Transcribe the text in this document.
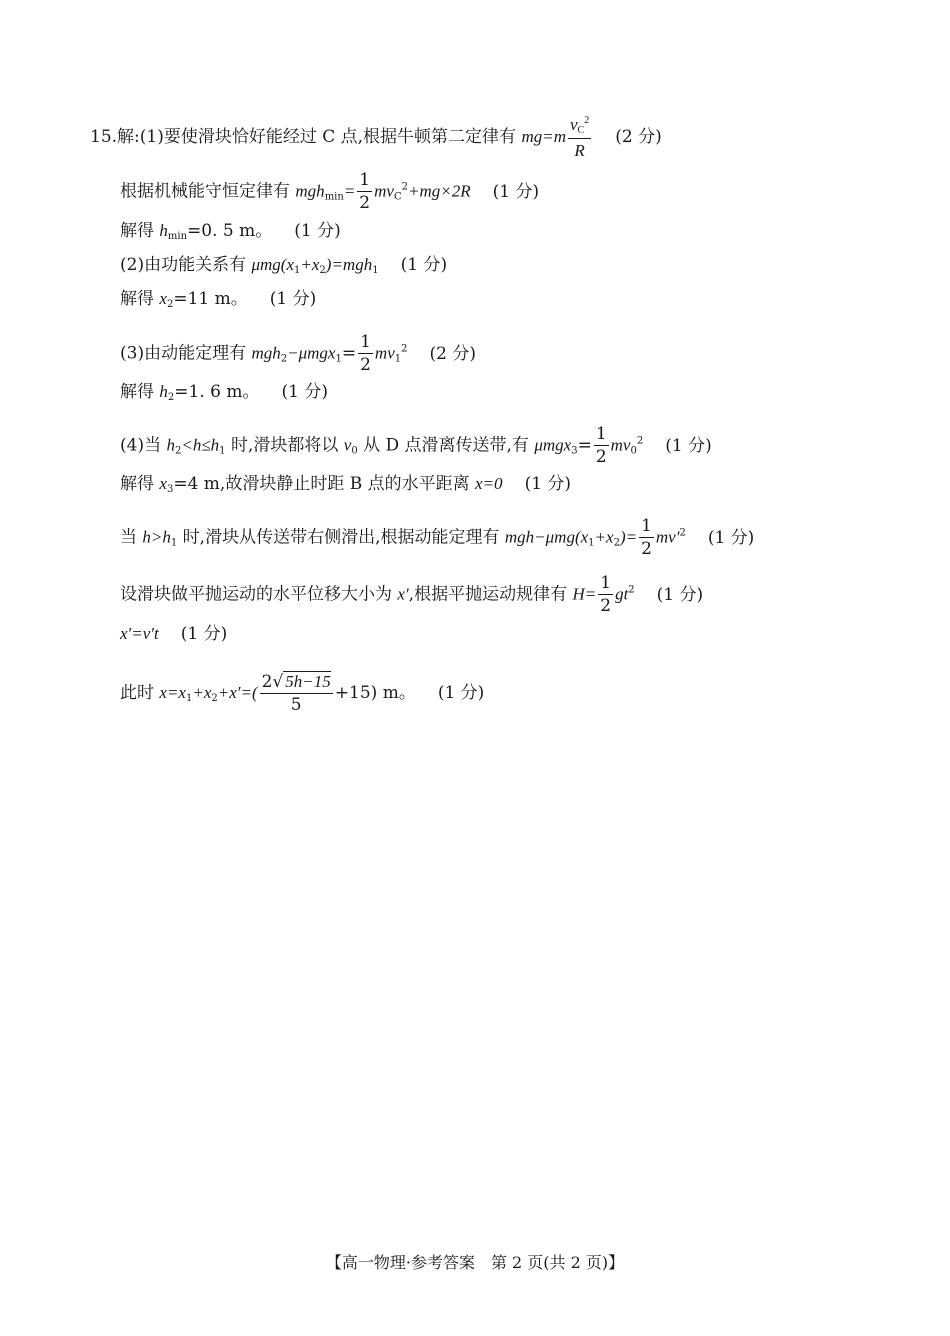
15.解:(1)要使滑块恰好能经过 C 点,根据牛顿第二定律有 $mg=m \frac{v_C^2}{R} (2$ 分)
根据机械能守恒定律有 $mgh_{min}= \frac{1}{2} mv_C^2+mg\times 2R$ (1 分)
解得 $h_{min}=0$. 5 m。 (1 分)
(2)由功能关系有 $\mu mg(x_1+x_2)=mgh_1$ (1 分)
解得 $x_2=11$ m。 (1 分)
(3)由动能定理有 $mgh_2-\mu mgx_1= \frac{1}{2} mv_1^2$ (2 分)
解得 $h_2=1$. 6 m。 (1 分)
(4)当 $h_2<h\le h_1$ 时,滑块都将以 $v_0$ 从 D 点滑离传送带,有 $\mu mgx_3= \frac{1}{2} mv_0^2$ (1 分)
解得 $x_3=4$ m,故滑块静止时距 B 点的水平距离 x=0 (1 分)
当 $h>h_1$ 时,滑块从传送带右侧滑出,根据动能定理有 $mgh-\mu mg(x_1+x_2)= \frac{1}{2} mv'^2$ (1 分)
设滑块做平抛运动的水平位移大小为 x′,根据平抛运动规律有 $H= \frac{1}{2} gt^2$ (1 分)
x′=v′t (1 分)
此时 $x=x_1+x_2+x'=( \frac{2√ 5h-15}{5} +15)$ m。 (1 分)
【高一物理·参考答案　第 2 页(共 2 页)】
